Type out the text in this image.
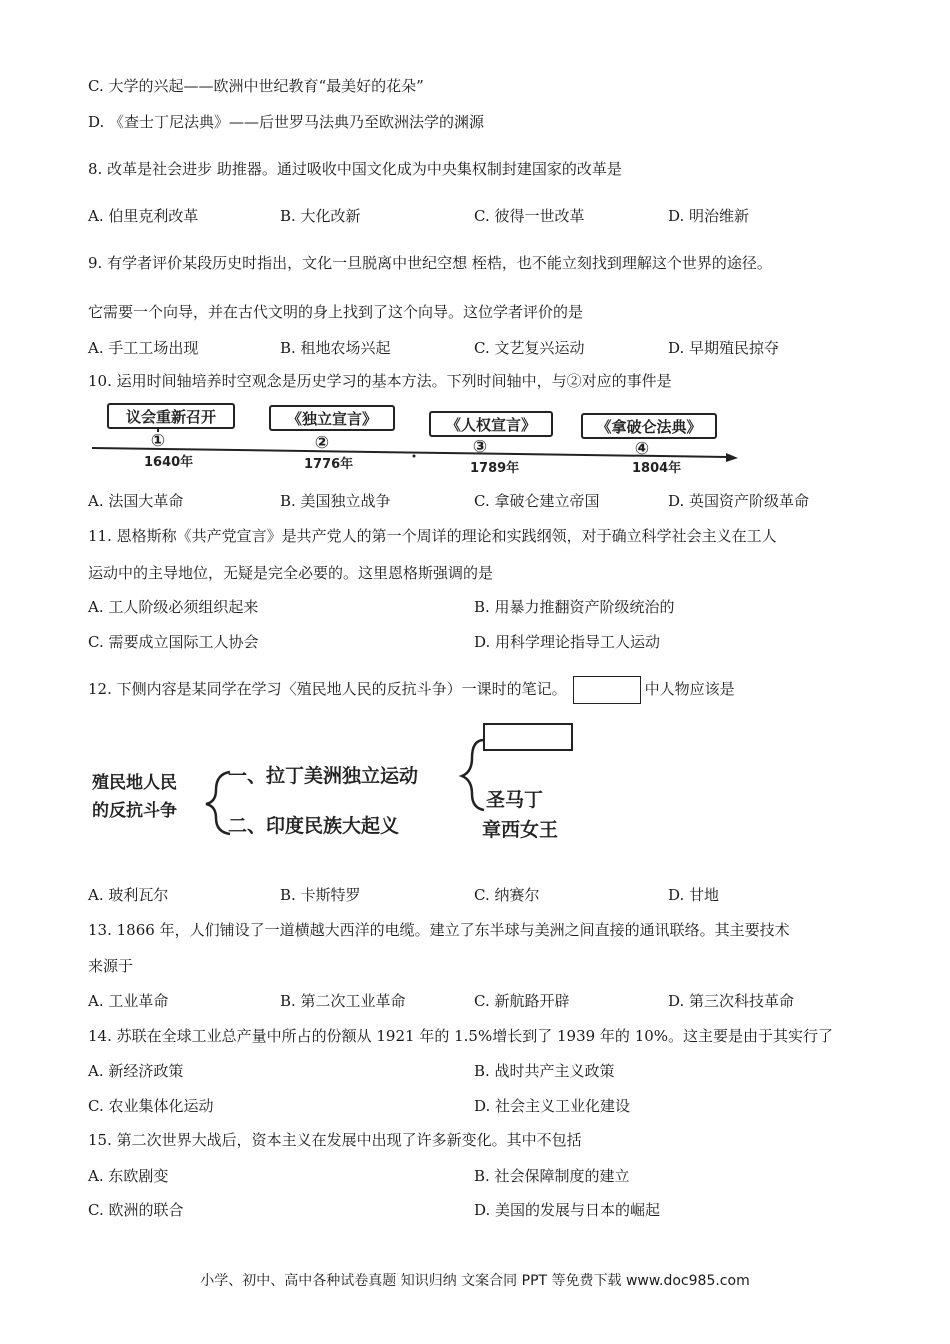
C. 大学的兴起——欧洲中世纪教育“最美好的花朵”
D. 《查士丁尼法典》——后世罗马法典乃至欧洲法学的渊源
8. 改革是社会进步 助推器。通过吸收中国文化成为中央集权制封建国家的改革是
A. 伯里克利改革	B. 大化改新	C. 彼得一世改革	D. 明治维新
9. 有学者评价某段历史时指出，文化一旦脱离中世纪空想 桎梏，也不能立刻找到理解这个世界的途径。
它需要一个向导，并在古代文明的身上找到了这个向导。这位学者评价的是
A. 手工工场出现	B. 租地农场兴起	C. 文艺复兴运动	D. 早期殖民掠夺
10. 运用时间轴培养时空观念是历史学习的基本方法。下列时间轴中，与②对应的事件是
议会重新召开
①
1640年
《独立宣言》
②
1776年
《人权宣言》
③
1789年
《拿破仑法典》
④
1804年
A. 法国大革命	B. 美国独立战争	C. 拿破仑建立帝国	D. 英国资产阶级革命
11. 恩格斯称《共产党宣言》是共产党人的第一个周详的理论和实践纲领，对于确立科学社会主义在工人
运动中的主导地位，无疑是完全必要的。这里恩格斯强调的是
A. 工人阶级必须组织起来	B. 用暴力推翻资产阶级统治的
C. 需要成立国际工人协会	D. 用科学理论指导工人运动
12. 下侧内容是某同学在学习〈殖民地人民的反抗斗争）一课时的笔记。	中人物应该是
殖民地人民
的反抗斗争
一、拉丁美洲独立运动
二、印度民族大起义
圣马丁
章西女王
A. 玻利瓦尔	B. 卡斯特罗	C. 纳赛尔	D. 甘地
13. 1866 年，人们铺设了一道横越大西洋的电缆。建立了东半球与美洲之间直接的通讯联络。其主要技术
来源于
A. 工业革命	B. 第二次工业革命	C. 新航路开辟	D. 第三次科技革命
14. 苏联在全球工业总产量中所占的份额从 1921 年的 1.5%增长到了 1939 年的 10%。这主要是由于其实行了
A. 新经济政策	B. 战时共产主义政策
C. 农业集体化运动	D. 社会主义工业化建设
15. 第二次世界大战后，资本主义在发展中出现了许多新变化。其中不包括
A. 东欧剧变	B. 社会保障制度的建立
C. 欧洲的联合	D. 美国的发展与日本的崛起
小学、初中、高中各种试卷真题 知识归纳 文案合同 PPT 等免费下载 www.doc985.com
